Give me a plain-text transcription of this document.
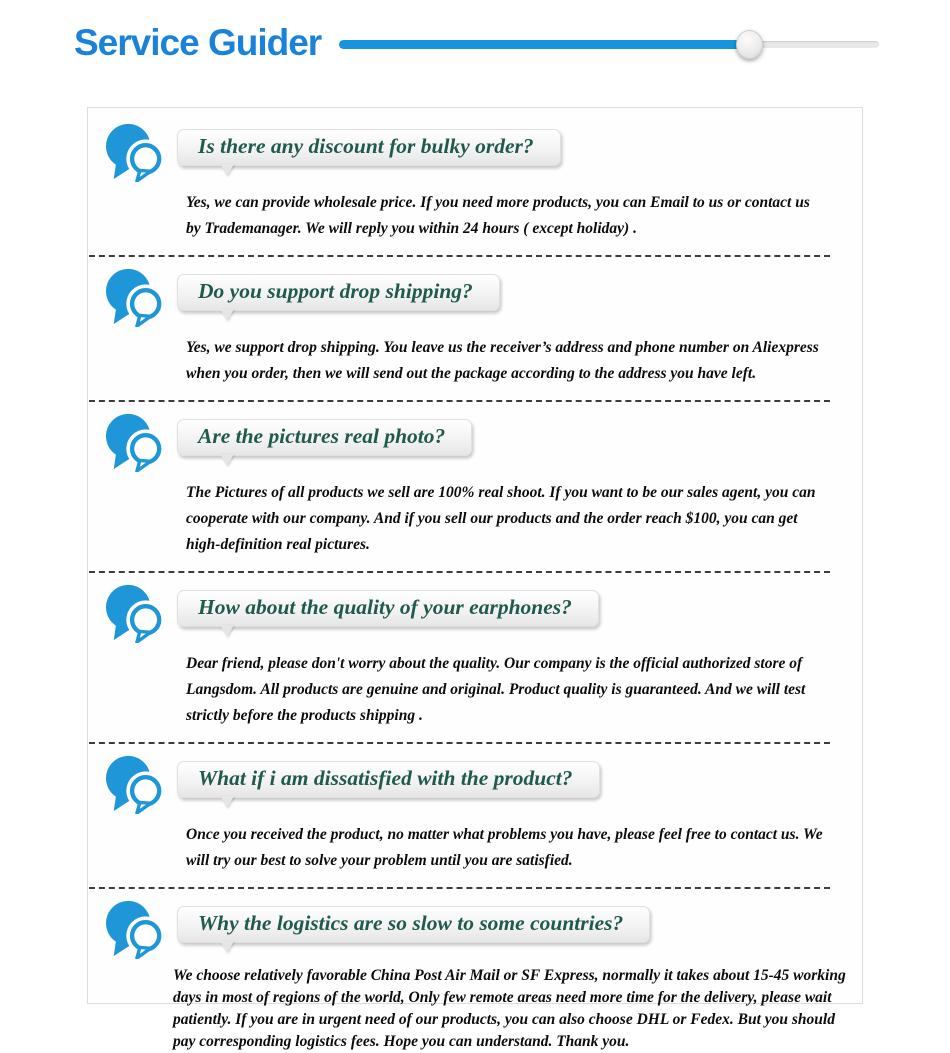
Service Guider
Is there any discount for bulky order?

Yes, we can provide wholesale price. If you need more products, you can Email to us or contact us by Trademanager. We will reply you within 24 hours ( except holiday) .

Do you support drop shipping?

Yes, we support drop shipping. You leave us the receiver’s address and phone number on Aliexpress when you order, then we will send out the package according to the address you have left.

Are the pictures real photo?

The Pictures of all products we sell are 100% real shoot. If you want to be our sales agent, you can cooperate with our company. And if you sell our products and the order reach $100, you can get high-definition real pictures.

How about the quality of your earphones?

Dear friend, please don't worry about the quality. Our company is the official authorized store of Langsdom. All products are genuine and original. Product quality is guaranteed. And we will test strictly before the products shipping .

What if i am dissatisfied with the product?

Once you received the product, no matter what problems you have, please feel free to contact us. We will try our best to solve your problem until you are satisfied.

Why the logistics are so slow to some countries?

We choose relatively favorable China Post Air Mail or SF Express, normally it takes about 15-45 working days in most of regions of the world, Only few remote areas need more time for the delivery, please wait patiently. If you are in urgent need of our products, you can also choose DHL or Fedex. But you should pay corresponding logistics fees. Hope you can understand. Thank you.
